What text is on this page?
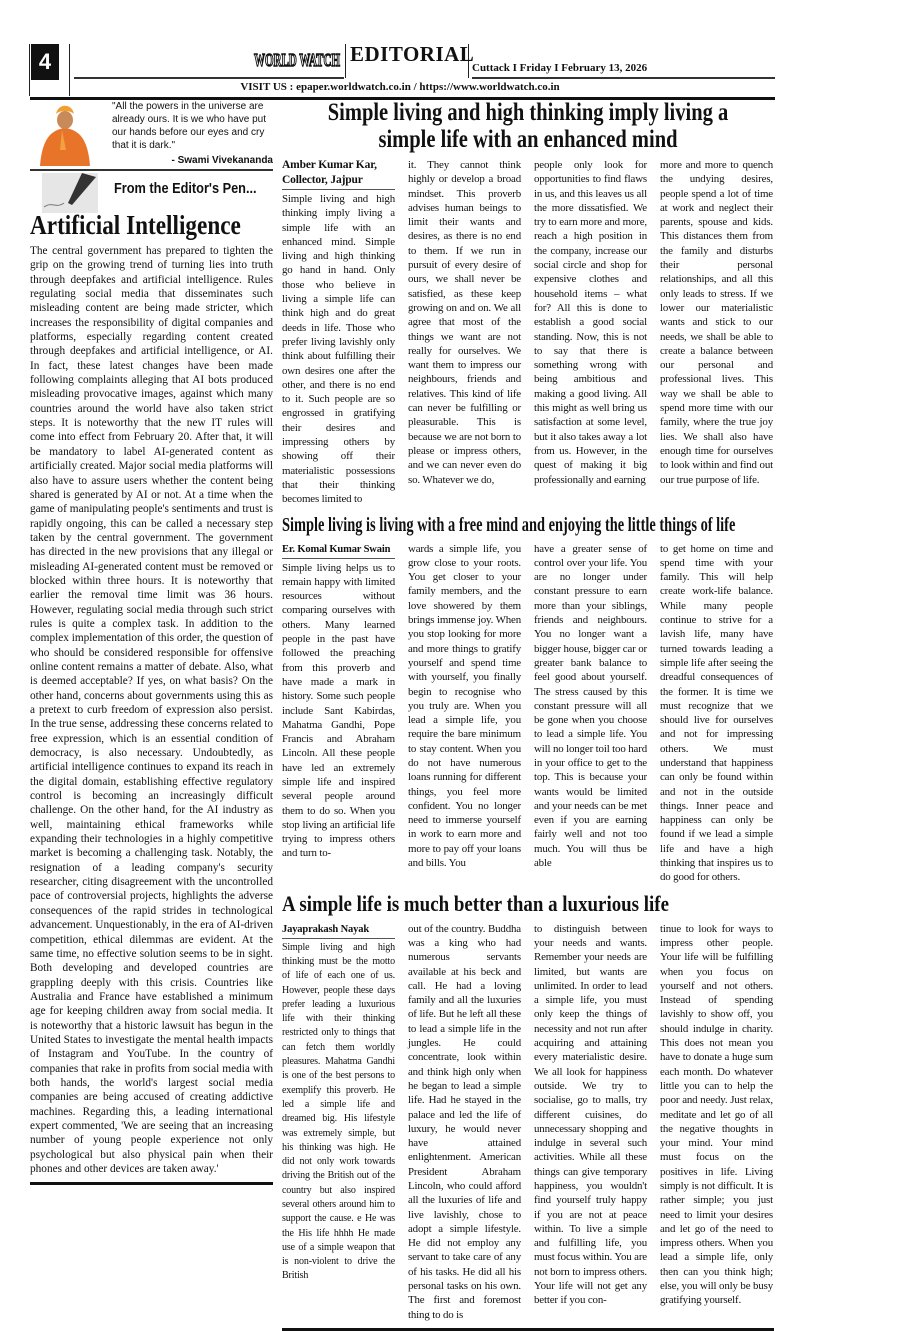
4	WORLD WATCH EDITORIAL
Cuttack I Friday I February 13, 2026
VISIT US : epaper.worldwatch.co.in / https://www.worldwatch.co.in
"All the powers in the universe are already ours. It is we who have put our hands before our eyes and cry that it is dark."
- Swami Vivekananda
From the Editor's Pen...
Artificial Intelligence
The central government has prepared to tighten the grip on the growing trend of turning lies into truth through deepfakes and artificial intelligence. Rules regulating social media that disseminates such misleading content are being made stricter, which increases the responsibility of digital companies and platforms, especially regarding content created through deepfakes and artificial intelligence, or AI. In fact, these latest changes have been made following complaints alleging that AI bots produced misleading provocative images, against which many countries around the world have also taken strict steps. It is noteworthy that the new IT rules will come into effect from February 20. After that, it will be mandatory to label AI-generated content as artificially created. Major social media platforms will also have to assure users whether the content being shared is generated by AI or not. At a time when the game of manipulating people's sentiments and trust is rapidly ongoing, this can be called a necessary step taken by the central government. The government has directed in the new provisions that any illegal or misleading AI-generated content must be removed or blocked within three hours. It is noteworthy that earlier the removal time limit was 36 hours. However, regulating social media through such strict rules is quite a complex task. In addition to the complex implementation of this order, the question of who should be considered responsible for offensive online content remains a matter of debate. Also, what is deemed acceptable? If yes, on what basis? On the other hand, concerns about governments using this as a pretext to curb freedom of expression also persist. In the true sense, addressing these concerns related to free expression, which is an essential condition of democracy, is also necessary. Undoubtedly, as artificial intelligence continues to expand its reach in the digital domain, establishing effective regulatory control is becoming an increasingly difficult challenge. On the other hand, for the AI industry as well, maintaining ethical frameworks while expanding their technologies in a highly competitive market is becoming a challenging task. Notably, the resignation of a leading company's security researcher, citing disagreement with the uncontrolled pace of controversial projects, highlights the adverse consequences of the rapid strides in technological advancement. Unquestionably, in the era of AI-driven competition, ethical dilemmas are evident. At the same time, no effective solution seems to be in sight. Both developing and developed countries are grappling deeply with this crisis. Countries like Australia and France have established a minimum age for keeping children away from social media. It is noteworthy that a historic lawsuit has begun in the United States to investigate the mental health impacts of Instagram and YouTube. In the country of companies that rake in profits from social media with both hands, the world's largest social media companies are being accused of creating addictive machines. Regarding this, a leading international expert commented, 'We are seeing that an increasing number of young people experience not only psychological but also physical pain when their phones and other devices are taken away.'
Simple living and high thinking imply living a simple life with an enhanced mind
Amber Kumar Kar, Collector, Jajpur
Simple living and high thinking imply living a simple life with an enhanced mind. Simple living and high thinking go hand in hand. Only those who believe in living a simple life can think high and do great deeds in life. Those who prefer living lavishly only think about fulfilling their own desires one after the other, and there is no end to it. Such people are so engrossed in gratifying their desires and impressing others by showing off their materialistic possessions that their thinking becomes limited to
it. They cannot think highly or develop a broad mindset. This proverb advises human beings to limit their wants and desires, as there is no end to them. If we run in pursuit of every desire of ours, we shall never be satisfied, as these keep growing on and on. We all agree that most of the things we want are not really for ourselves. We want them to impress our neighbours, friends and relatives. This kind of life can never be fulfilling or pleasurable. This is because we are not born to please or impress others, and we can never even do so. Whatever we do,
people only look for opportunities to find flaws in us, and this leaves us all the more dissatisfied. We try to earn more and more, reach a high position in the company, increase our social circle and shop for expensive clothes and household items – what for? All this is done to establish a good social standing. Now, this is not to say that there is something wrong with being ambitious and making a good living. All this might as well bring us satisfaction at some level, but it also takes away a lot from us. However, in the quest of making it big professionally and earning
more and more to quench the undying desires, people spend a lot of time at work and neglect their parents, spouse and kids. This distances them from the family and disturbs their personal relationships, and all this only leads to stress. If we lower our materialistic wants and stick to our needs, we shall be able to create a balance between our personal and professional lives. This way we shall be able to spend more time with our family, where the true joy lies. We shall also have enough time for ourselves to look within and find out our true purpose of life.
Simple living is living with a free mind and enjoying the little things of life
Er. Komal Kumar Swain
Simple living helps us to remain happy with limited resources without comparing ourselves with others. Many learned people in the past have followed the preaching from this proverb and have made a mark in history. Some such people include Sant Kabirdas, Mahatma Gandhi, Pope Francis and Abraham Lincoln. All these people have led an extremely simple life and inspired several people around them to do so. When you stop living an artificial life trying to impress others and turn to-
wards a simple life, you grow close to your roots. You get closer to your family members, and the love showered by them brings immense joy. When you stop looking for more and more things to gratify yourself and spend time with yourself, you finally begin to recognise who you truly are. When you lead a simple life, you require the bare minimum to stay content. When you do not have numerous loans running for different things, you feel more confident. You no longer need to immerse yourself in work to earn more and more to pay off your loans and bills. You
have a greater sense of control over your life. You are no longer under constant pressure to earn more than your siblings, friends and neighbours. You no longer want a bigger house, bigger car or greater bank balance to feel good about yourself. The stress caused by this constant pressure will all be gone when you choose to lead a simple life. You will no longer toil too hard in your office to get to the top. This is because your wants would be limited and your needs can be met even if you are earning fairly well and not too much. You will thus be able
to get home on time and spend time with your family. This will help create work-life balance. While many people continue to strive for a lavish life, many have turned towards leading a simple life after seeing the dreadful consequences of the former. It is time we must recognize that we should live for ourselves and not for impressing others. We must understand that happiness can only be found within and not in the outside things. Inner peace and happiness can only be found if we lead a simple life and have a high thinking that inspires us to do good for others.
A simple life is much better than a luxurious life
Jayaprakash Nayak
Simple living and high thinking must be the motto of life of each one of us. However, people these days prefer leading a luxurious life with their thinking restricted only to things that can fetch them worldly pleasures. Mahatma Gandhi is one of the best persons to exemplify this proverb. He led a simple life and dreamed big. His lifestyle was extremely simple, but his thinking was high. He did not only work towards driving the British out of the country but also inspired several others around him to support the cause. e He was the His life hhhh He made use of a simple weapon that is non-violent to drive the British
out of the country. Buddha was a king who had numerous servants available at his beck and call. He had a loving family and all the luxuries of life. But he left all these to lead a simple life in the jungles. He could concentrate, look within and think high only when he began to lead a simple life. Had he stayed in the palace and led the life of luxury, he would never have attained enlightenment. American President Abraham Lincoln, who could afford all the luxuries of life and live lavishly, chose to adopt a simple lifestyle. He did not employ any servant to take care of any of his tasks. He did all his personal tasks on his own. The first and foremost thing to do is
to distinguish between your needs and wants. Remember your needs are limited, but wants are unlimited. In order to lead a simple life, you must only keep the things of necessity and not run after acquiring and attaining every materialistic desire. We all look for happiness outside. We try to socialise, go to malls, try different cuisines, do unnecessary shopping and indulge in several such activities. While all these things can give temporary happiness, you wouldn't find yourself truly happy if you are not at peace within. To live a simple and fulfilling life, you must focus within. You are not born to impress others. Your life will not get any better if you con-
tinue to look for ways to impress other people. Your life will be fulfilling when you focus on yourself and not others. Instead of spending lavishly to show off, you should indulge in charity. This does not mean you have to donate a huge sum each month. Do whatever little you can to help the poor and needy. Just relax, meditate and let go of all the negative thoughts in your mind. Your mind must focus on the positives in life. Living simply is not difficult. It is rather simple; you just need to limit your desires and let go of the need to impress others. When you lead a simple life, only then can you think high; else, you will only be busy gratifying yourself.
